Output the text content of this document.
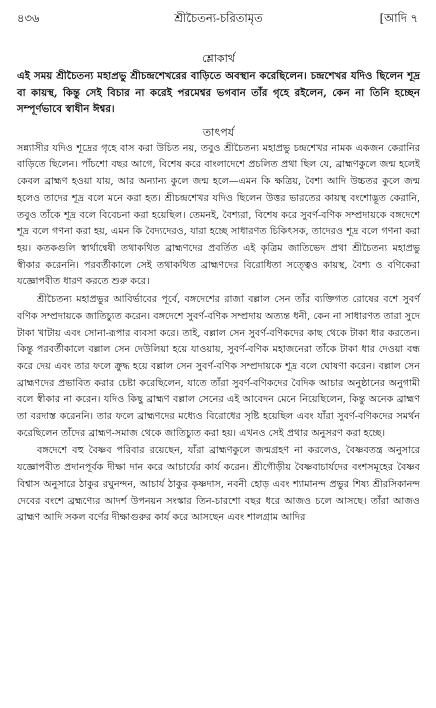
৪৩৬	শ্রীচৈতন্য-চরিতামৃত	[আদি ৭
শ্লোকার্থ
এই সময় শ্রীচৈতন্য মহাপ্রভু শ্রীচন্দ্রশেখরের বাড়িতে অবস্থান করেছিলেন। চন্দ্রশেখর যদিও ছিলেন শূদ্র বা কায়স্থ, কিন্তু সেই বিচার না করেই পরমেশ্বর ভগবান তাঁর গৃহে রইলেন, কেন না তিনি হচ্ছেন সম্পূর্ণভাবে স্বাধীন ঈশ্বর।
তাৎপর্য
সন্ন্যাসীর যদিও শূদ্রের গৃহে বাস করা উচিত নয়, তবুও শ্রীচৈতন্য মহাপ্রভু চন্দ্রশেখর নামক একজন কেরানির বাড়িতে ছিলেন। পাঁচশো বছর আগে, বিশেষ করে বাংলাদেশে প্রচলিত প্রথা ছিল যে, ব্রাহ্মণকুলে জন্ম হলেই কেবল ব্রাহ্মণ হওয়া যায়, আর অন্যান্য কুলে জন্ম হলে—এমন কি ক্ষত্রিয়, বৈশ্য আদি উচ্চতর কুলে জন্ম হলেও তাদের শূদ্র বলে মনে করা হত। শ্রীচন্দ্রশেখর যদিও ছিলেন উত্তর ভারতের কায়স্থ বংশোদ্ভূত কেরানি, তবুও তাঁকে শূদ্র বলে বিবেচনা করা হয়েছিল। তেমনই, বৈশ্যরা, বিশেষ করে সুবর্ণ-বণিক সম্প্রদায়কে বঙ্গদেশে শূদ্র বলে গণনা করা হয়, এমন কি বৈদ্যদেরও, যারা হচ্ছে সাধারণত চিকিৎসক, তাদেরও শূদ্র বলে গণনা করা হয়। কতকগুলি স্বার্থান্বেষী তথাকথিত ব্রাহ্মণদের প্রবর্তিত এই কৃত্রিম জাতিভেদ প্রথা শ্রীচৈতন্য মহাপ্রভু স্বীকার করেননি। পরবর্তীকালে সেই তথাকথিত ব্রাহ্মণদের বিরোধিতা সত্ত্বেও কায়স্থ, বৈশ্য ও বণিকেরা যজ্ঞোপবীত ধারণ করতে শুরু করে।
শ্রীচৈতন্য মহাপ্রভুর আবির্ভাবের পূর্বে, বঙ্গদেশের রাজা বল্লাল সেন তাঁর ব্যক্তিগত রোষের বশে সুবর্ণ বণিক সম্প্রদায়কে জাতিচ্যুত করেন। বঙ্গদেশে সুবর্ণ-বণিক সম্প্রদায় অত্যন্ত ধনী, কেন না সাধারণত তারা সুদে টাকা খাটায় এবং সোনা-রূপার ব্যবসা করে। তাই, বল্লাল সেন সুবর্ণ-বণিকদের কাছ থেকে টাকা ধার করতেন। কিন্তু পরবর্তীকালে বল্লাল সেন দেউলিয়া হয়ে যাওয়ায়, সুবর্ণ-বণিক মহাজনেরা তাঁকে টাকা ধার দেওয়া বন্ধ করে দেয় এবং তার ফলে ক্রুদ্ধ হয়ে বল্লাল সেন সুবর্ণ-বণিক সম্প্রদায়কে শূদ্র বলে ঘোষণা করেন। বল্লাল সেন ব্রাহ্মণদের প্রভাবিত করার চেষ্টা করেছিলেন, যাতে তাঁরা সুবর্ণ-বণিকদের বৈদিক আচার অনুষ্ঠানের অনুগামী বলে স্বীকার না করেন। যদিও কিছু ব্রাহ্মণ বল্লাল সেনের এই আবেদন মেনে নিয়েছিলেন, কিন্তু অনেক ব্রাহ্মণ তা বরদাস্ত করেননি। তার ফলে ব্রাহ্মণদের মধ্যেও বিরোধের সৃষ্টি হয়েছিল এবং যাঁরা সুবর্ণ-বণিকদের সমর্থন করেছিলেন তাঁদের ব্রাহ্মণ-সমাজ থেকে জাতিচ্যুত করা হয়। এখনও সেই প্রথার অনুসরণ করা হচ্ছে।
বঙ্গদেশে বহু বৈষ্ণব পরিবার রয়েছেন, যাঁরা ব্রাহ্মণকুলে জন্মগ্রহণ না করলেও, বৈষ্ণবতন্ত্র অনুসারে যজ্ঞোপবীত প্রদানপূর্বক দীক্ষা দান করে আচার্যের কার্য করেন। শ্রীগৌড়ীয় বৈষ্ণবাচার্যদের বংশসমূহের বৈষ্ণব বিশ্বাস অনুসারে ঠাকুর রঘুনন্দন, আচার্য ঠাকুর কৃষ্ণদাস, নবনী হোড় এবং শ্যামানন্দ প্রভুর শিষ্য শ্রীরসিকানন্দ দেবের বংশে ব্রহ্মণ্যের আদর্শ উপনয়ন সংস্কার তিন-চারশো বছর ধরে আজও চলে আসছে। তাঁরা আজও ব্রাহ্মণ আদি সকল বর্ণের দীক্ষাগুরুর কার্য করে আসছেন এবং শালগ্রাম আদির
